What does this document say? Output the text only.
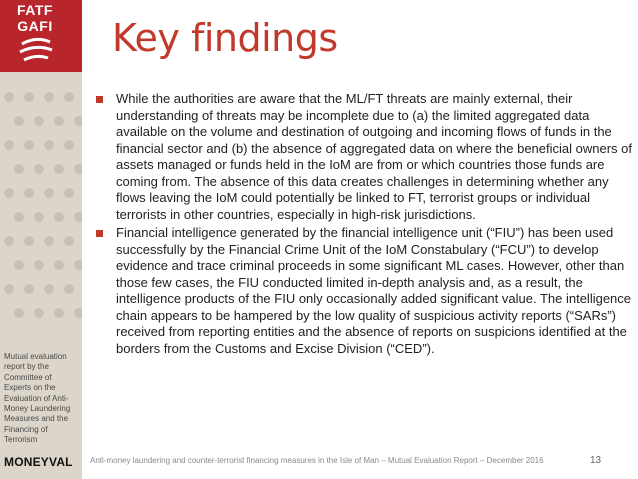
FATF
GAFI
Mutual evaluation report by the Committee of Experts on the Evaluation of Anti-Money Laundering Measures and the Financing of Terrorism
MONEYVAL
Key findings
While the authorities are aware that the ML/FT threats are mainly external, their understanding of threats may be incomplete due to (a) the limited aggregated data available on the volume and destination of outgoing and incoming flows of funds in the financial sector and (b) the absence of aggregated data on where the beneficial owners of assets managed or funds held in the IoM are from or which countries those funds are coming from. The absence of this data creates challenges in determining whether any flows leaving the IoM could potentially be linked to FT, terrorist groups or individual terrorists in other countries, especially in high-risk jurisdictions.
Financial intelligence generated by the financial intelligence unit (“FIU”) has been used successfully by the Financial Crime Unit of the IoM Constabulary (“FCU”) to develop evidence and trace criminal proceeds in some significant ML cases. However, other than those few cases, the FIU conducted limited in-depth analysis and, as a result, the intelligence products of the FIU only occasionally added significant value. The intelligence chain appears to be hampered by the low quality of suspicious activity reports (“SARs”) received from reporting entities and the absence of reports on suspicions identified at the borders from the Customs and Excise Division (“CED”).
Anti-money laundering and counter-terrorist financing measures in the Isle of Man – Mutual Evaluation Report – December 2016	13
